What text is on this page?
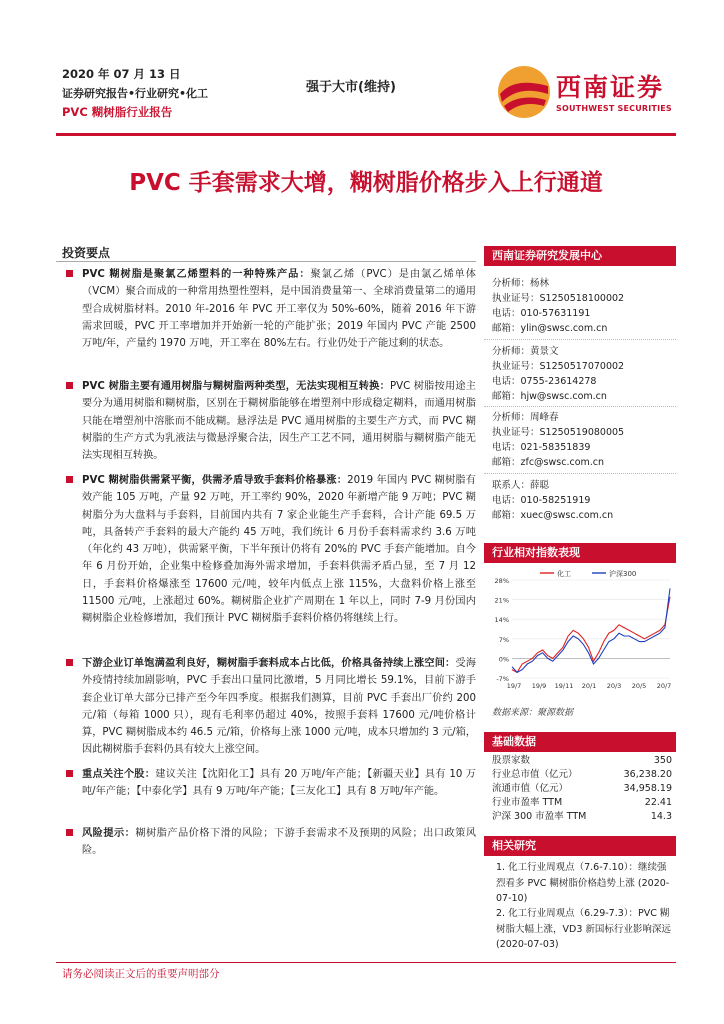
2020 年 07 月 13 日
证券研究报告•行业研究•化工
PVC 糊树脂行业报告
强于大市(维持)	西南证券
SOUTHWEST SECURITIES
PVC 手套需求大增，糊树脂价格步入上行通道
投资要点
PVC 糊树脂是聚氯乙烯塑料的一种特殊产品：聚氯乙烯（PVC）是由氯乙烯单体（VCM）聚合而成的一种常用热塑性塑料，是中国消费量第一、全球消费量第二的通用型合成树脂材料。2010 年-2016 年 PVC 开工率仅为 50%-60%，随着 2016 年下游需求回暖，PVC 开工率增加并开始新一轮的产能扩张；2019 年国内 PVC 产能 2500 万吨/年，产量约 1970 万吨，开工率在 80%左右。行业仍处于产能过剩的状态。
PVC 树脂主要有通用树脂与糊树脂两种类型，无法实现相互转换：PVC 树脂按用途主要分为通用树脂和糊树脂，区别在于糊树脂能够在增塑剂中形成稳定糊料，而通用树脂只能在增塑剂中溶胀而不能成糊。悬浮法是 PVC 通用树脂的主要生产方式，而 PVC 糊树脂的生产方式为乳液法与微悬浮聚合法，因生产工艺不同，通用树脂与糊树脂产能无法实现相互转换。
PVC 糊树脂供需紧平衡，供需矛盾导致手套料价格暴涨：2019 年国内 PVC 糊树脂有效产能 105 万吨，产量 92 万吨，开工率约 90%，2020 年新增产能 9 万吨；PVC 糊树脂分为大盘料与手套料，目前国内共有 7 家企业能生产手套料，合计产能 69.5 万吨，具备转产手套料的最大产能约 45 万吨，我们统计 6 月份手套料需求约 3.6 万吨（年化约 43 万吨），供需紧平衡，下半年预计仍将有 20%的 PVC 手套产能增加。自今年 6 月份开始，企业集中检修叠加海外需求增加，手套料供需矛盾凸显，至 7 月 12 日，手套料价格爆涨至 17600 元/吨，较年内低点上涨 115%，大盘料价格上涨至 11500 元/吨，上涨超过 60%。糊树脂企业扩产周期在 1 年以上，同时 7-9 月份国内糊树脂企业检修增加，我们预计 PVC 糊树脂手套料价格仍将继续上行。
下游企业订单饱满盈利良好，糊树脂手套料成本占比低，价格具备持续上涨空间：受海外疫情持续加剧影响，PVC 手套出口量同比激增，5 月同比增长 59.1%，目前下游手套企业订单大部分已排产至今年四季度。根据我们测算，目前 PVC 手套出厂价约 200 元/箱（每箱 1000 只），现有毛利率仍超过 40%，按照手套料 17600 元/吨价格计算，PVC 糊树脂成本约 46.5 元/箱，价格每上涨 1000 元/吨，成本只增加约 3 元/箱，因此糊树脂手套料仍具有较大上涨空间。
重点关注个股：建议关注【沈阳化工】具有 20 万吨/年产能；【新疆天业】具有 10 万吨/年产能；【中泰化学】具有 9 万吨/年产能；【三友化工】具有 8 万吨/年产能。
风险提示：糊树脂产品价格下滑的风险；下游手套需求不及预期的风险；出口政策风险。
西南证券研究发展中心
分析师：杨林
执业证号：S1250518100002
电话：010-57631191
邮箱：ylin@swsc.com.cn
分析师：黄景文
执业证号：S1250517070002
电话：0755-23614278
邮箱：hjw@swsc.com.cn
分析师：周峰春
执业证号：S1250519080005
电话：021-58351839
邮箱：zfc@swsc.com.cn
联系人：薛聪
电话：010-58251919
邮箱：xuec@swsc.com.cn
行业相对指数表现
-7%
0%
7%
14%
21%
28%
19/7 19/9 19/11 20/1 20/3 20/5 20/7
化工	沪深300
数据来源：聚源数据
基础数据
股票家数	350
行业总市值（亿元）	36,238.20
流通市值（亿元）	34,958.19
行业市盈率 TTM	22.41
沪深 300 市盈率 TTM	14.3
相关研究
1. 化工行业周观点（7.6-7.10）：继续强烈看多 PVC 糊树脂价格趋势上涨 (2020-07-10)
2. 化工行业周观点（6.29-7.3）：PVC 糊树脂大幅上涨，VD3 新国标行业影响深远 (2020-07-03)
请务必阅读正文后的重要声明部分
